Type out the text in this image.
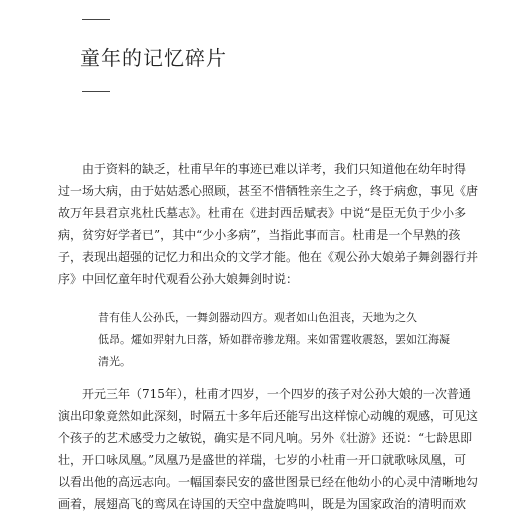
童年的记忆碎片

由于资料的缺乏，杜甫早年的事迹已难以详考，我们只知道他在幼年时得

过一场大病，由于姑姑悉心照顾，甚至不惜牺牲亲生之子，终于病愈，事见《唐

故万年县君京兆杜氏墓志》。杜甫在《进封西岳赋表》中说“是臣无负于少小多

病，贫穷好学者已”，其中“少小多病”，当指此事而言。杜甫是一个早熟的孩

子，表现出超强的记忆力和出众的文学才能。他在《观公孙大娘弟子舞剑器行并

序》中回忆童年时代观看公孙大娘舞剑时说：

昔有佳人公孙氏，一舞剑器动四方。观者如山色沮丧，天地为之久

低昂。㸌如羿射九日落，矫如群帝骖龙翔。来如雷霆收震怒，罢如江海凝

清光。

开元三年（715年），杜甫才四岁，一个四岁的孩子对公孙大娘的一次普通

演出印象竟然如此深刻，时隔五十多年后还能写出这样惊心动魄的观感，可见这

个孩子的艺术感受力之敏锐，确实是不同凡响。另外《壮游》还说：“七龄思即

壮，开口咏凤凰。”凤凰乃是盛世的祥瑞，七岁的小杜甫一开口就歌咏凤凰，可

以看出他的高远志向。一幅国泰民安的盛世图景已经在他幼小的心灵中清晰地勾

画着，展翅高飞的鸾凤在诗国的天空中盘旋鸣叫，既是为国家政治的清明而欢
